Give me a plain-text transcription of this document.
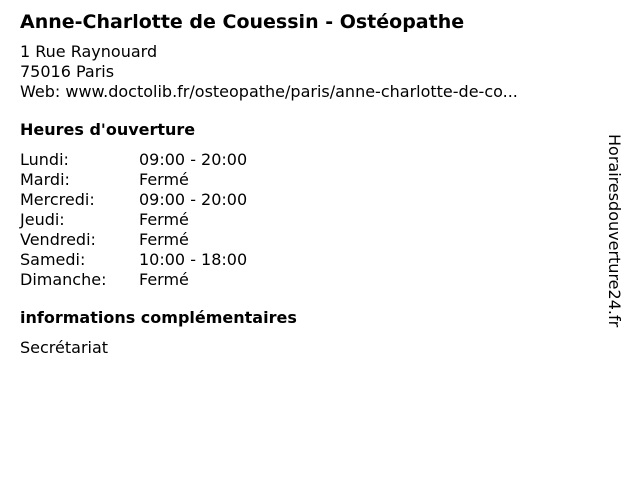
Anne-Charlotte de Couessin - Ostéopathe
1 Rue Raynouard
75016 Paris
Web: www.doctolib.fr/osteopathe/paris/anne-charlotte-de-co...
Heures d'ouverture
Lundi:	09:00 - 20:00
Mardi:	Fermé
Mercredi:	09:00 - 20:00
Jeudi:	Fermé
Vendredi:	Fermé
Samedi:	10:00 - 18:00
Dimanche:	Fermé
informations complémentaires
Secrétariat
Horairesdouverture24.fr
